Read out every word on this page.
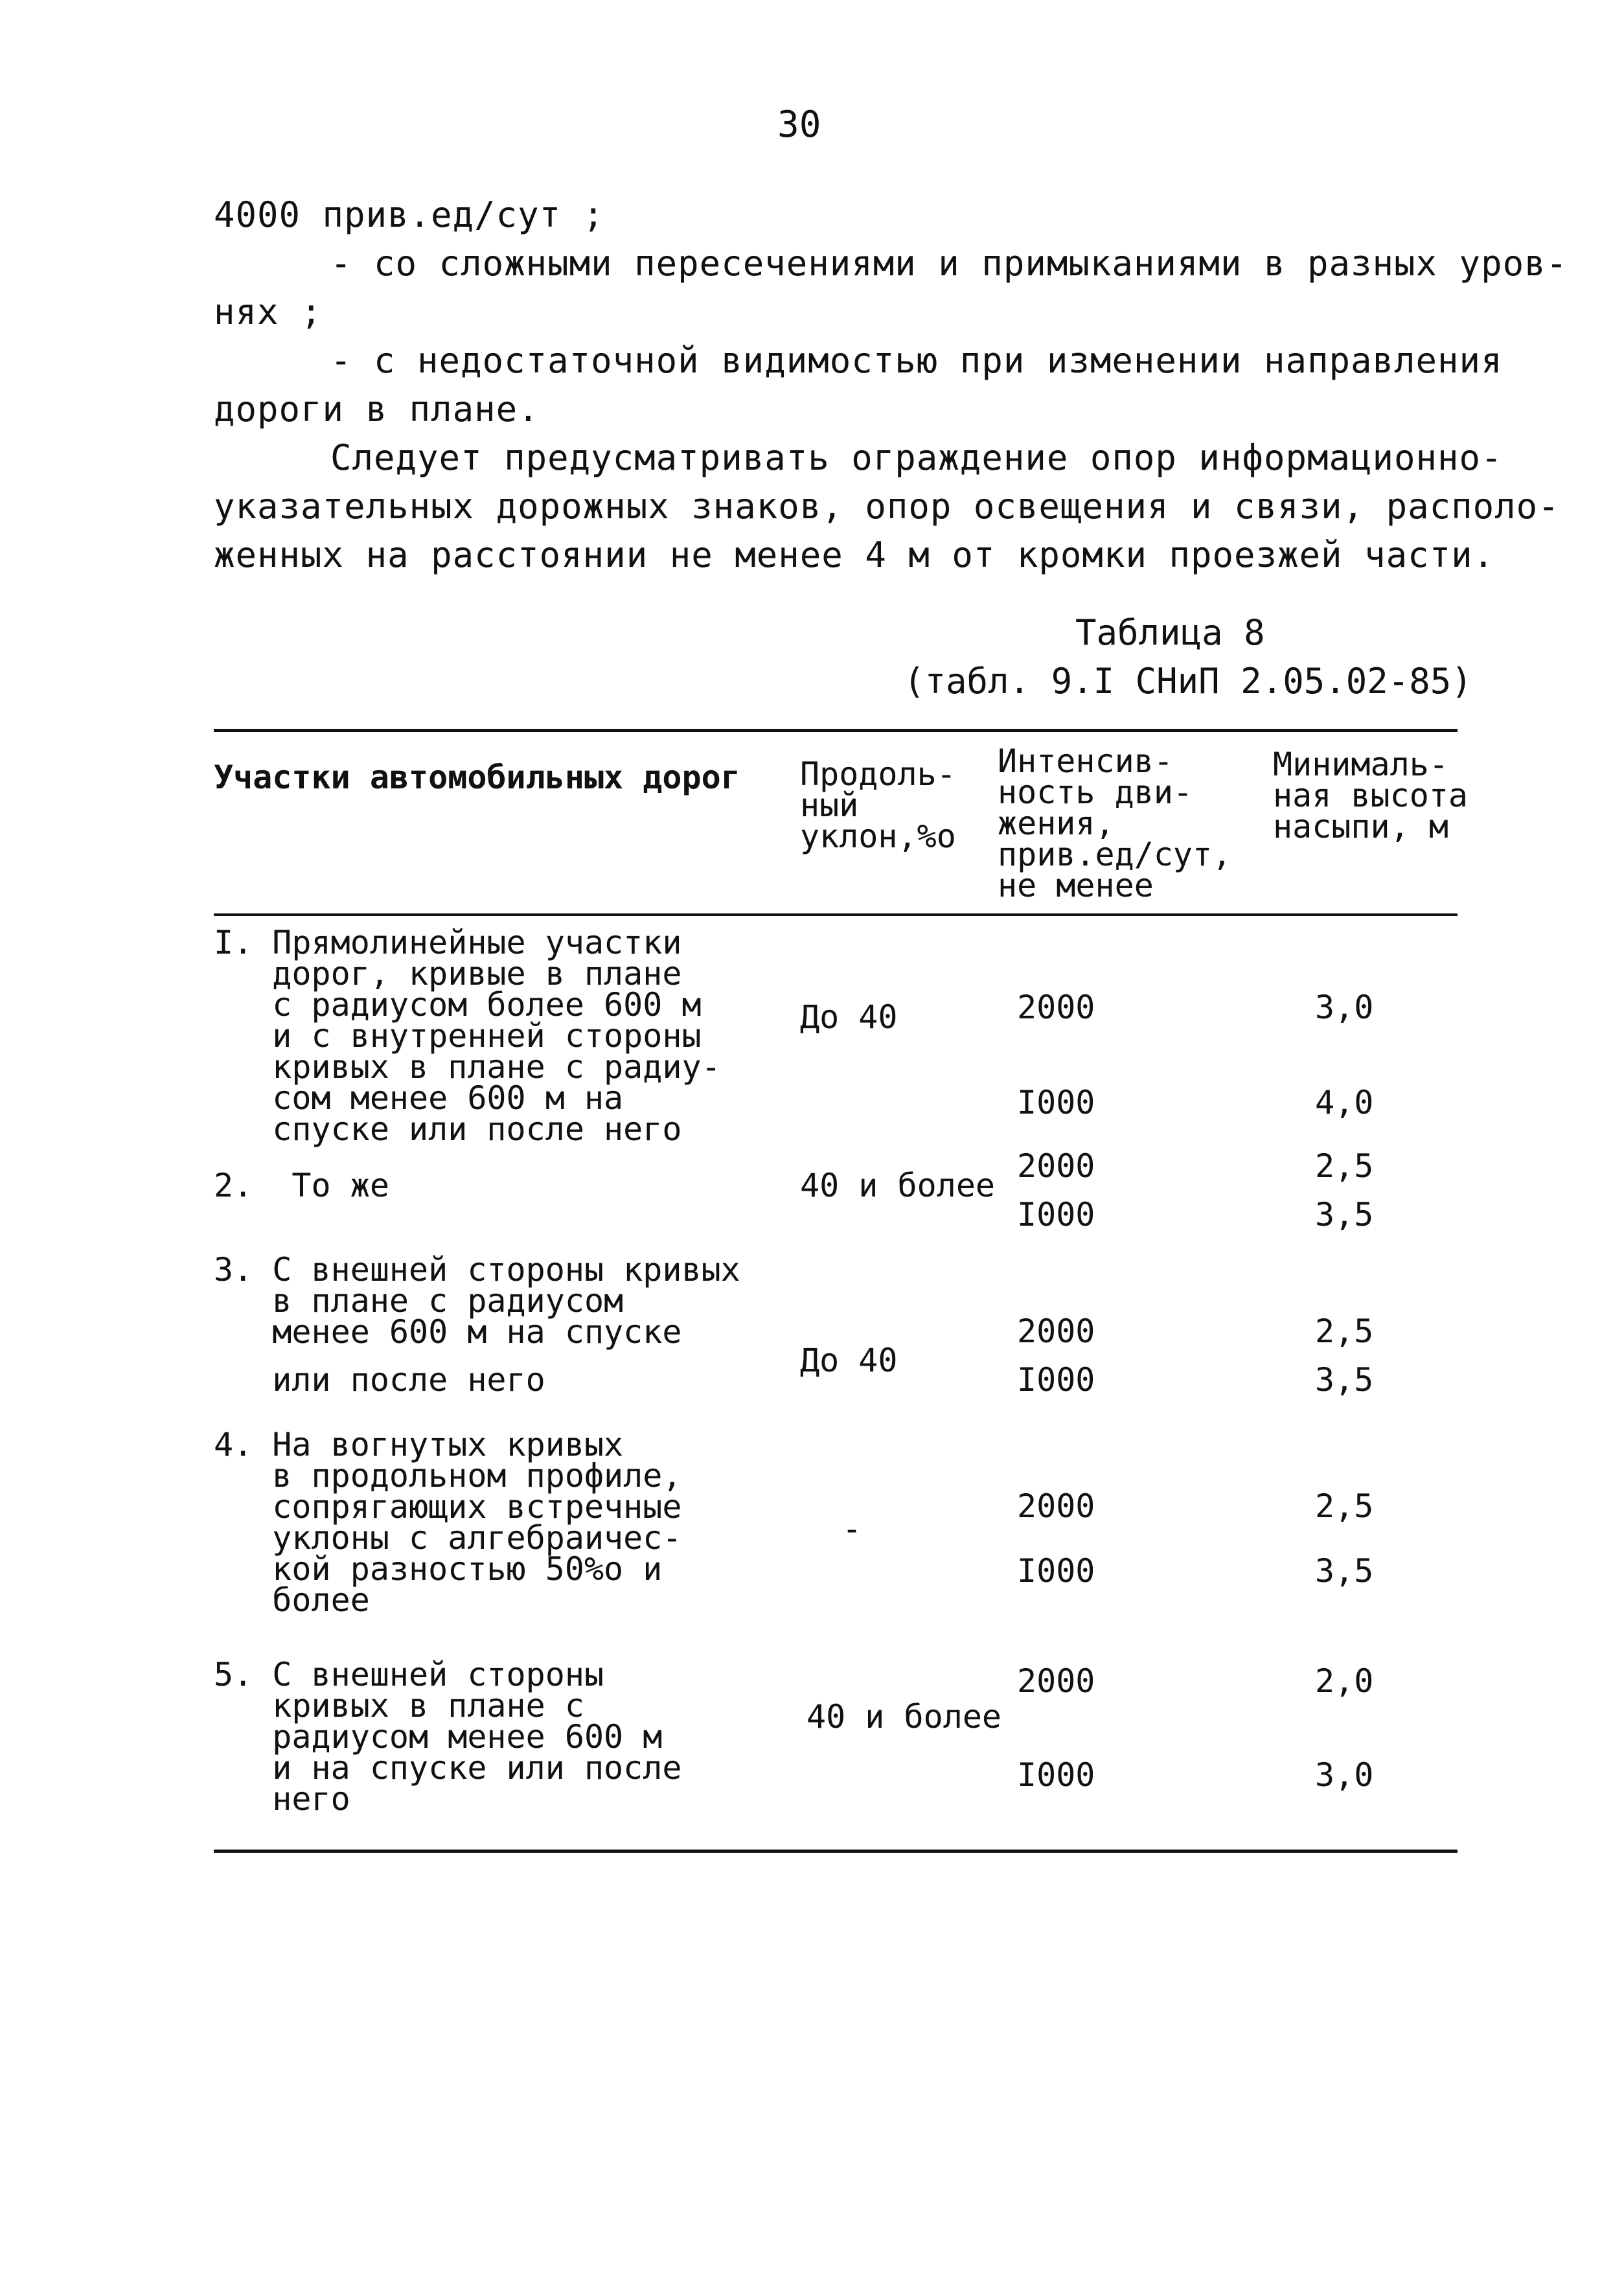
30
4000 прив.ед/сут ;
- со сложными пересечениями и примыканиями в разных уров-
нях ;
- с недостаточной видимостью при изменении направления
дороги в плане.
Следует предусматривать ограждение опор информационно-
указательных дорожных знаков, опор освещения и связи, располо-
женных на расстоянии не менее 4 м от кромки проезжей части.
Таблица 8
(табл. 9.I СНиП 2.05.02-85)
Участки автомобильных дорог Продоль-
ный
уклон,%о
Интенсив-
ность дви-
жения,
прив.ед/сут,
не менее
Минималь-
ная высота
насыпи, м
I. Прямолинейные участки
дорог, кривые в плане
с радиусом более 600 м
и с внутренней стороны
кривых в плане с радиу-
сом менее 600 м на
спуске или после него
До 40	2000
I000
3,0
4,0
2.  То же	40 и более
2000
I000
2,5
3,5
3. С внешней стороны кривых
в плане с радиусом
менее 600 м на спуске
или после него
До 40
2000
I000
2,5
3,5
4. На вогнутых кривых
в продольном профиле,
сопрягающих встречные
уклоны с алгебраичес-
кой разностью 50%о и
более
-
2000
I000
2,5
3,5
5. С внешней стороны
кривых в плане с
радиусом менее 600 м
и на спуске или после
него
40 и более
2000
I000
2,0
3,0
